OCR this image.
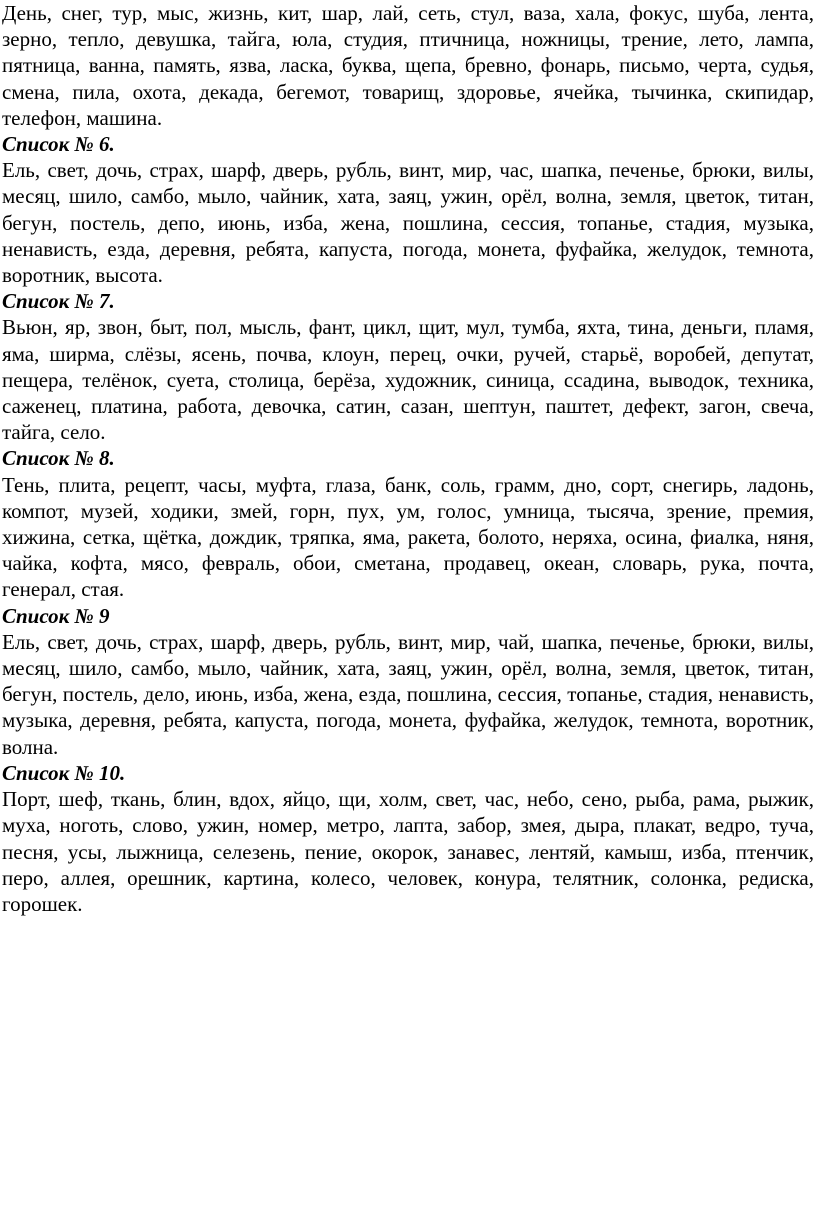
День, снег, тур, мыс, жизнь, кит, шар, лай, сеть, стул, ваза, хала, фокус, шуба, лента, зерно, тепло, девушка, тайга, юла, студия, птичница, ножницы, трение, лето, лампа, пятница, ванна, память, язва, ласка, буква, щепа, бревно, фонарь, письмо, черта, судья, смена, пила, охота, декада, бегемот, товарищ, здоровье, ячейка, тычинка, скипидар, телефон, машина.

Список № 6.

Ель, свет, дочь, страх, шарф, дверь, рубль, винт, мир, час, шапка, печенье, брюки, вилы, месяц, шило, самбо, мыло, чайник, хата, заяц, ужин, орёл, волна, земля, цветок, титан, бегун, постель, депо, июнь, изба, жена, пошлина, сессия, топанье, стадия, музыка, ненависть, езда, деревня, ребята, капуста, погода, монета, фуфайка, желудок, темнота, воротник, высота.

Список № 7.

Вьюн, яр, звон, быт, пол, мысль, фант, цикл, щит, мул, тумба, яхта, тина, деньги, пламя, яма, ширма, слёзы, ясень, почва, клоун, перец, очки, ручей, старьё, воробей, депутат, пещера, телёнок, суета, столица, берёза, художник, синица, ссадина, выводок, техника, саженец, платина, работа, девочка, сатин, сазан, шептун, паштет, дефект, загон, свеча, тайга, село.

Список № 8.

Тень, плита, рецепт, часы, муфта, глаза, банк, соль, грамм, дно, сорт, снегирь, ладонь, компот, музей, ходики, змей, горн, пух, ум, голос, умница, тысяча, зрение, премия, хижина, сетка, щётка, дождик, тряпка, яма, ракета, болото, неряха, осина, фиалка, няня, чайка, кофта, мясо, февраль, обои, сметана, продавец, океан, словарь, рука, почта, генерал, стая.

Список № 9

Ель, свет, дочь, страх, шарф, дверь, рубль, винт, мир, чай, шапка, печенье, брюки, вилы, месяц, шило, самбо, мыло, чайник, хата, заяц, ужин, орёл, волна, земля, цветок, титан, бегун, постель, дело, июнь, изба, жена, езда, пошлина, сессия, топанье, стадия, ненависть, музыка, деревня, ребята, капуста, погода, монета, фуфайка, желудок, темнота, воротник, волна.

Список № 10.

Порт, шеф, ткань, блин, вдох, яйцо, щи, холм, свет, час, небо, сено, рыба, рама, рыжик, муха, ноготь, слово, ужин, номер, метро, лапта, забор, змея, дыра, плакат, ведро, туча, песня, усы, лыжница, селезень, пение, окорок, занавес, лентяй, камыш, изба, птенчик, перо, аллея, орешник, картина, колесо, человек, конура, телятник, солонка, редиска, горошек.
